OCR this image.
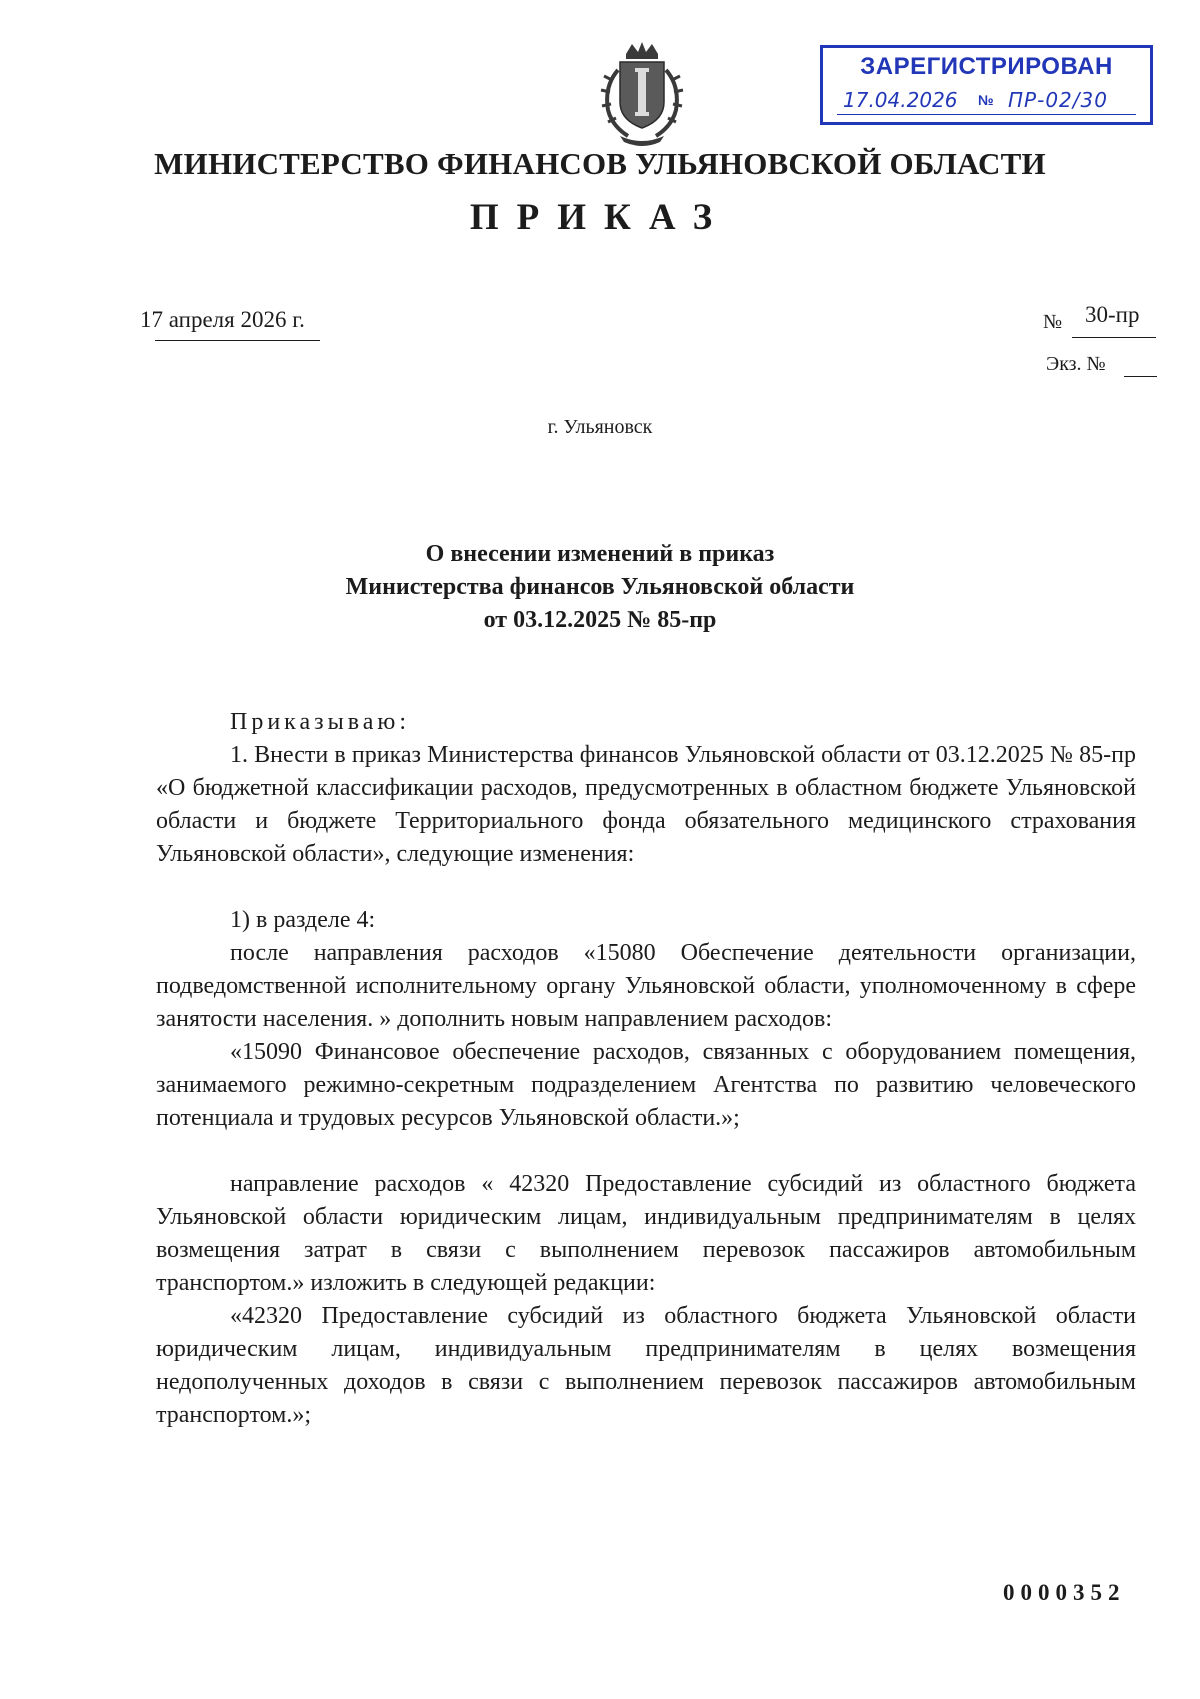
ЗАРЕГИСТРИРОВАН
17.04.2026 № ПР-02/30
МИНИСТЕРСТВО ФИНАНСОВ УЛЬЯНОВСКОЙ ОБЛАСТИ
ПРИКАЗ
17 апреля 2026 г.	№ 30-пр
Экз. №
г. Ульяновск
О внесении изменений в приказ
Министерства финансов Ульяновской области
от 03.12.2025 № 85-пр

Приказываю:

1. Внести в приказ Министерства финансов Ульяновской области от 03.12.2025 № 85-пр «О бюджетной классификации расходов, предусмотренных в областном бюджете Ульяновской области и бюджете Территориального фонда обязательного медицинского страхования Ульяновской области», следующие изменения:

1) в разделе 4:

после направления расходов «15080 Обеспечение деятельности организации, подведомственной исполнительному органу Ульяновской области, уполномоченному в сфере занятости населения. » дополнить новым направлением расходов:

«15090 Финансовое обеспечение расходов, связанных с оборудованием помещения, занимаемого режимно-секретным подразделением Агентства по развитию человеческого потенциала и трудовых ресурсов Ульяновской области.»;

направление расходов « 42320 Предоставление субсидий из областного бюджета Ульяновской области юридическим лицам, индивидуальным предпринимателям в целях возмещения затрат в связи с выполнением перевозок пассажиров автомобильным транспортом.» изложить в следующей редакции:

«42320 Предоставление субсидий из областного бюджета Ульяновской области юридическим лицам, индивидуальным предпринимателям в целях возмещения недополученных доходов в связи с выполнением перевозок пассажиров автомобильным транспортом.»;

0000352
